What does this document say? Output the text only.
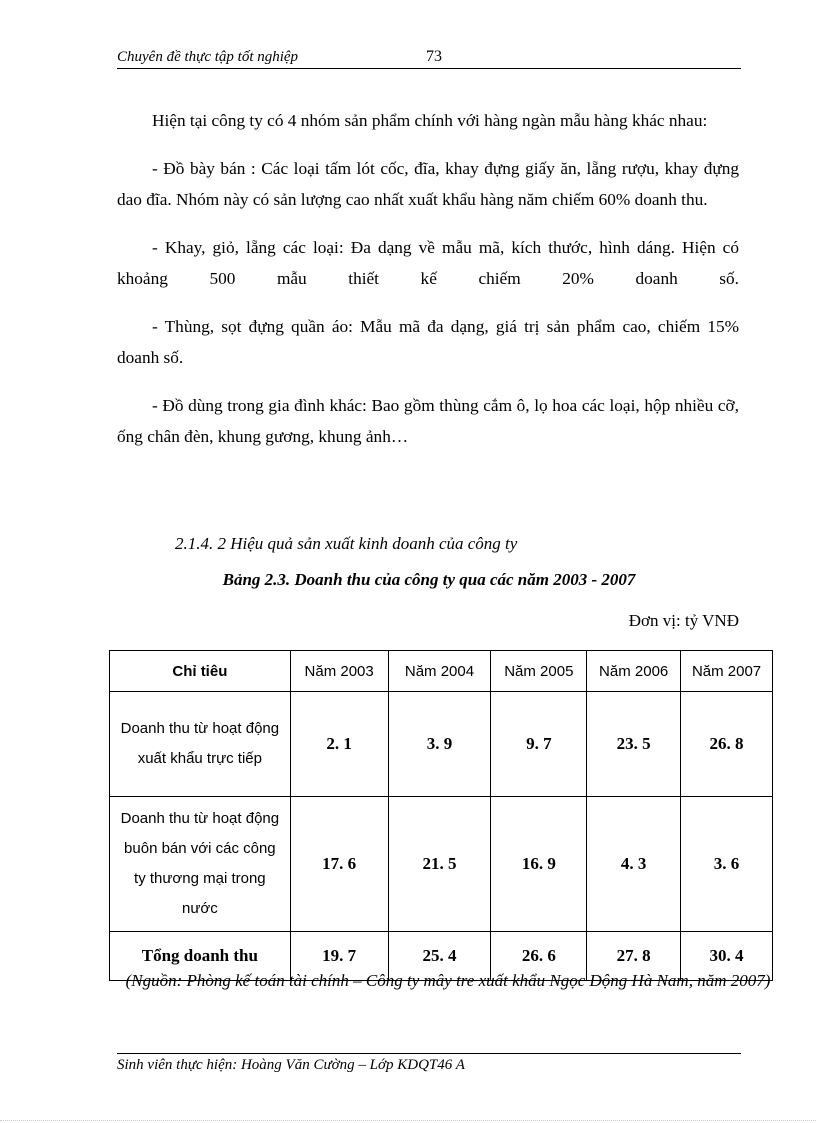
Chuyên đề thực tập tốt nghiệp	73

Hiện tại công ty có 4 nhóm sản phẩm chính với hàng ngàn mẫu hàng khác nhau:

- Đồ bày bán : Các loại tấm lót cốc, đĩa, khay đựng giấy ăn, lẵng rượu, khay đựng dao đĩa. Nhóm này có sản lượng cao nhất xuất khẩu hàng năm chiếm 60% doanh thu.

- Khay, giỏ, lẵng các loại: Đa dạng về mẫu mã, kích thước, hình dáng. Hiện có khoảng 500 mẫu thiết kế chiếm 20% doanh số.

- Thùng, sọt đựng quần áo: Mẫu mã đa dạng, giá trị sản phẩm cao, chiếm 15% doanh số.

- Đồ dùng trong gia đình khác: Bao gồm thùng cắm ô, lọ hoa các loại, hộp nhiều cỡ, ống chân đèn, khung gương, khung ảnh…

2.1.4. 2 Hiệu quả sản xuất kinh doanh của công ty
Bảng 2.3. Doanh thu của công ty qua các năm 2003 - 2007
Đơn vị: tỷ VNĐ
Chỉ tiêu	Năm 2003	Năm 2004	Năm 2005	Năm 2006	Năm 2007
Doanh thu từ hoạt động xuất khẩu trực tiếp	2. 1	3. 9	9. 7	23. 5	26. 8
Doanh thu từ hoạt động buôn bán với các công ty thương mại trong nước	17. 6	21. 5	16. 9	4. 3	3. 6
Tổng doanh thu	19. 7	25. 4	26. 6	27. 8	30. 4
(Nguồn: Phòng kế toán tài chính – Công ty mây tre xuất khẩu Ngọc Động Hà Nam, năm 2007)
Sinh viên thực hiện: Hoàng Văn Cường – Lớp KDQT46 A
